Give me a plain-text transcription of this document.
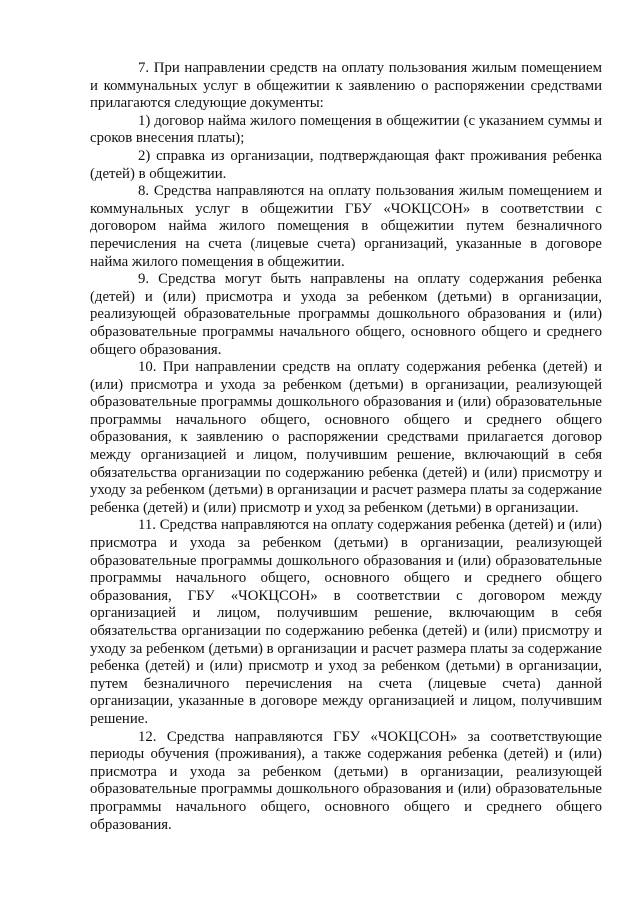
7. При направлении средств на оплату пользования жилым помещением и коммунальных услуг в общежитии к заявлению о распоряжении средствами прилагаются следующие документы:

1) договор найма жилого помещения в общежитии (с указанием суммы и сроков внесения платы);

2) справка из организации, подтверждающая факт проживания ребенка (детей) в общежитии.

8. Средства направляются на оплату пользования жилым помещением и коммунальных услуг в общежитии ГБУ «ЧОКЦСОН» в соответствии с договором найма жилого помещения в общежитии путем безналичного перечисления на счета (лицевые счета) организаций, указанные в договоре найма жилого помещения в общежитии.

9. Средства могут быть направлены на оплату содержания ребенка (детей) и (или) присмотра и ухода за ребенком (детьми) в организации, реализующей образовательные программы дошкольного образования и (или) образовательные программы начального общего, основного общего и среднего общего образования.

10. При направлении средств на оплату содержания ребенка (детей) и (или) присмотра и ухода за ребенком (детьми) в организации, реализующей образовательные программы дошкольного образования и (или) образовательные программы начального общего, основного общего и среднего общего образования, к заявлению о распоряжении средствами прилагается договор между организацией и лицом, получившим решение, включающий в себя обязательства организации по содержанию ребенка (детей) и (или) присмотру и уходу за ребенком (детьми) в организации и расчет размера платы за содержание ребенка (детей) и (или) присмотр и уход за ребенком (детьми) в организации.

11. Средства направляются на оплату содержания ребенка (детей) и (или) присмотра и ухода за ребенком (детьми) в организации, реализующей образовательные программы дошкольного образования и (или) образовательные программы начального общего, основного общего и среднего общего образования, ГБУ «ЧОКЦСОН» в соответствии с договором между организацией и лицом, получившим решение, включающим в себя обязательства организации по содержанию ребенка (детей) и (или) присмотру и уходу за ребенком (детьми) в организации и расчет размера платы за содержание ребенка (детей) и (или) присмотр и уход за ребенком (детьми) в организации, путем безналичного перечисления на счета (лицевые счета) данной организации, указанные в договоре между организацией и лицом, получившим решение.

12. Средства направляются ГБУ «ЧОКЦСОН» за соответствующие периоды обучения (проживания), а также содержания ребенка (детей) и (или) присмотра и ухода за ребенком (детьми) в организации, реализующей образовательные программы дошкольного образования и (или) образовательные программы начального общего, основного общего и среднего общего образования.
